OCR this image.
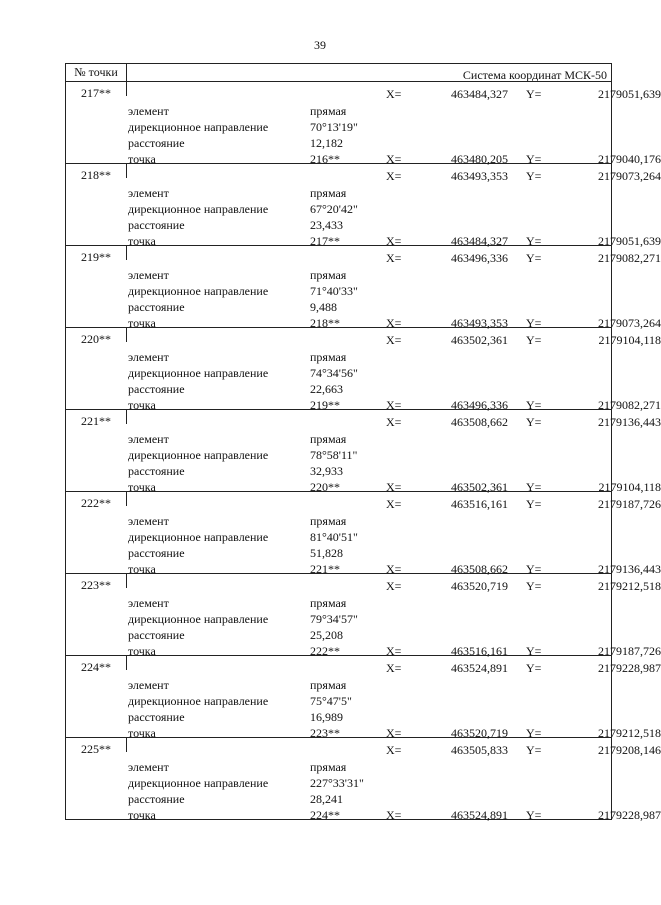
39
№ точки	Система координат МСК-50
217**	X=	463484,327 Y=	2179051,639
элемент	прямая
дирекционное направление	70°13'19"
расстояние	12,182
точка	216**	X=	463480,205 Y=	2179040,176
218**	X=	463493,353 Y=	2179073,264
элемент	прямая
дирекционное направление	67°20'42"
расстояние	23,433
точка	217**	X=	463484,327 Y=	2179051,639
219**	X=	463496,336 Y=	2179082,271
элемент	прямая
дирекционное направление	71°40'33"
расстояние	9,488
точка	218**	X=	463493,353 Y=	2179073,264
220**	X=	463502,361 Y=	2179104,118
элемент	прямая
дирекционное направление	74°34'56"
расстояние	22,663
точка	219**	X=	463496,336 Y=	2179082,271
221**	X=	463508,662 Y=	2179136,443
элемент	прямая
дирекционное направление	78°58'11"
расстояние	32,933
точка	220**	X=	463502,361 Y=	2179104,118
222**	X=	463516,161 Y=	2179187,726
элемент	прямая
дирекционное направление	81°40'51"
расстояние	51,828
точка	221**	X=	463508,662 Y=	2179136,443
223**	X=	463520,719 Y=	2179212,518
элемент	прямая
дирекционное направление	79°34'57"
расстояние	25,208
точка	222**	X=	463516,161 Y=	2179187,726
224**	X=	463524,891 Y=	2179228,987
элемент	прямая
дирекционное направление	75°47'5"
расстояние	16,989
точка	223**	X=	463520,719 Y=	2179212,518
225**	X=	463505,833 Y=	2179208,146
элемент	прямая
дирекционное направление	227°33'31"
расстояние	28,241
точка	224**	X=	463524,891 Y=	2179228,987
